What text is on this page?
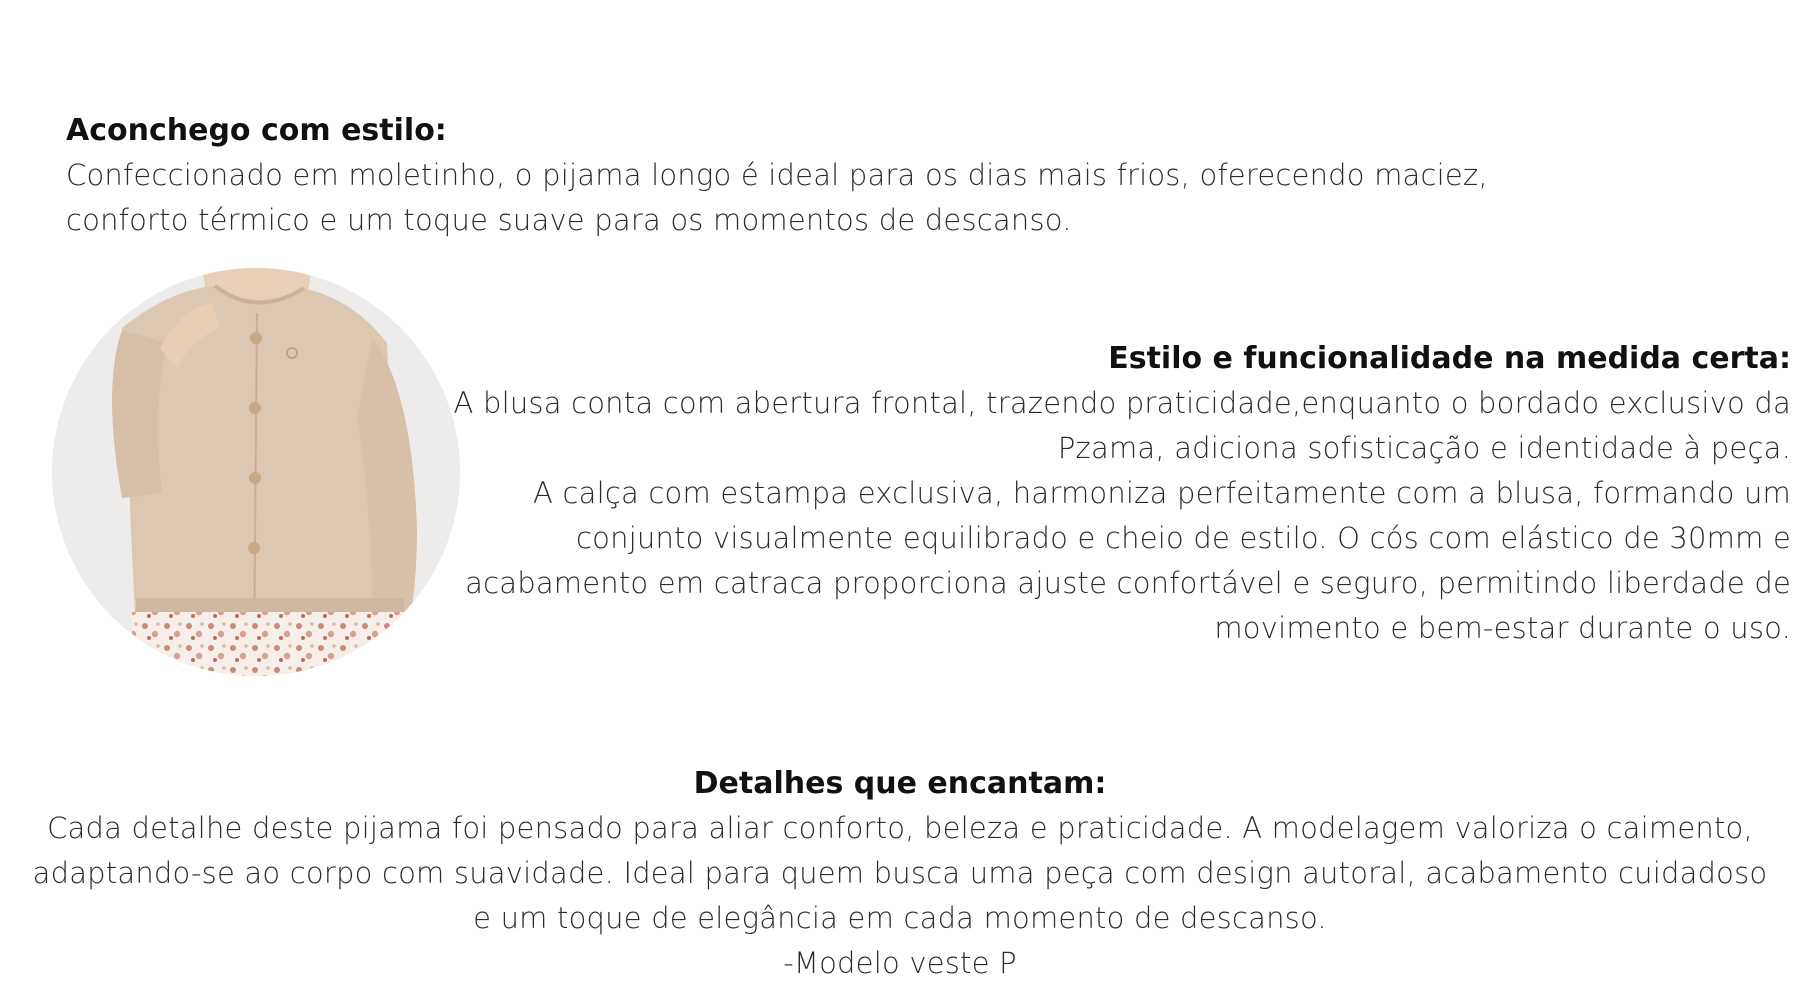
Aconchego com estilo:
Confeccionado em moletinho, o pijama longo é ideal para os dias mais frios, oferecendo maciez,
conforto térmico e um toque suave para os momentos de descanso.
Estilo e funcionalidade na medida certa:
A blusa conta com abertura frontal, trazendo praticidade,enquanto o bordado exclusivo da
Pzama, adiciona sofisticação e identidade à peça.
A calça com estampa exclusiva, harmoniza perfeitamente com a blusa, formando um
conjunto visualmente equilibrado e cheio de estilo. O cós com elástico de 30mm e
acabamento em catraca proporciona ajuste confortável e seguro, permitindo liberdade de
movimento e bem-estar durante o uso.
Detalhes que encantam:
Cada detalhe deste pijama foi pensado para aliar conforto, beleza e praticidade. A modelagem valoriza o caimento,
adaptando-se ao corpo com suavidade. Ideal para quem busca uma peça com design autoral, acabamento cuidadoso
e um toque de elegância em cada momento de descanso.
-Modelo veste P
